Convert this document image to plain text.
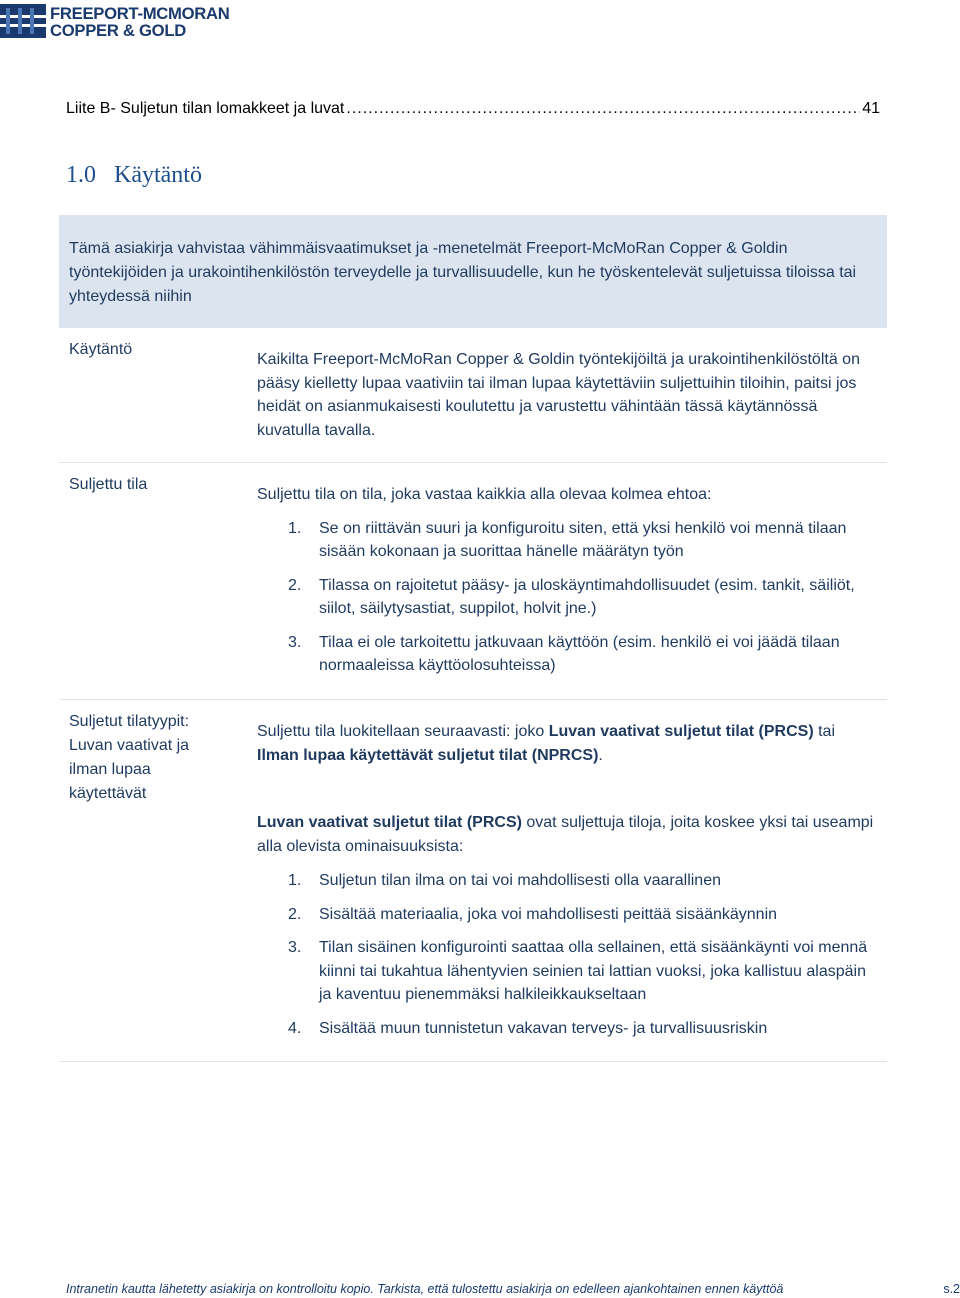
FREEPORT-MCMORAN
COPPER & GOLD
Liite B- Suljetun tilan lomakkeet ja luvat
.....	41
1.0 Käytäntö

Tämä asiakirja vahvistaa vähimmäisvaatimukset ja -menetelmät Freeport-McMoRan Copper & Goldin työntekijöiden ja urakointihenkilöstön terveydelle ja turvallisuudelle, kun he työskentelevät suljetuissa tiloissa tai yhteydessä niihin

Käytäntö

Kaikilta Freeport-McMoRan Copper & Goldin työntekijöiltä ja urakointihenkilöstöltä on pääsy kielletty lupaa vaativiin tai ilman lupaa käytettäviin suljettuihin tiloihin, paitsi jos heidät on asianmukaisesti koulutettu ja varustettu vähintään tässä käytännössä kuvatulla tavalla.

Suljettu tila

Suljettu tila on tila, joka vastaa kaikkia alla olevaa kolmea ehtoa:

1. Se on riittävän suuri ja konfiguroitu siten, että yksi henkilö voi mennä tilaan sisään kokonaan ja suorittaa hänelle määrätyn työn
2. Tilassa on rajoitetut pääsy- ja uloskäyntimahdollisuudet (esim. tankit, säiliöt, siilot, säilytysastiat, suppilot, holvit jne.)
3. Tilaa ei ole tarkoitettu jatkuvaan käyttöön (esim. henkilö ei voi jäädä tilaan normaaleissa käyttöolosuhteissa)
Suljetut tilatyypit: Luvan vaativat ja ilman lupaa käytettävät

Suljettu tila luokitellaan seuraavasti: joko Luvan vaativat suljetut tilat (PRCS) tai Ilman lupaa käytettävät suljetut tilat (NPRCS).

Luvan vaativat suljetut tilat (PRCS) ovat suljettuja tiloja, joita koskee yksi tai useampi alla olevista ominaisuuksista:

1. Suljetun tilan ilma on tai voi mahdollisesti olla vaarallinen
2. Sisältää materiaalia, joka voi mahdollisesti peittää sisäänkäynnin
3. Tilan sisäinen konfigurointi saattaa olla sellainen, että sisäänkäynti voi mennä kiinni tai tukahtua lähentyvien seinien tai lattian vuoksi, joka kallistuu alaspäin ja kaventuu pienemmäksi halkileikkaukseltaan
4. Sisältää muun tunnistetun vakavan terveys- ja turvallisuusriskin
Intranetin kautta lähetetty asiakirja on kontrolloitu kopio. Tarkista, että tulostettu asiakirja on edelleen ajankohtainen ennen käyttöä	s.2
